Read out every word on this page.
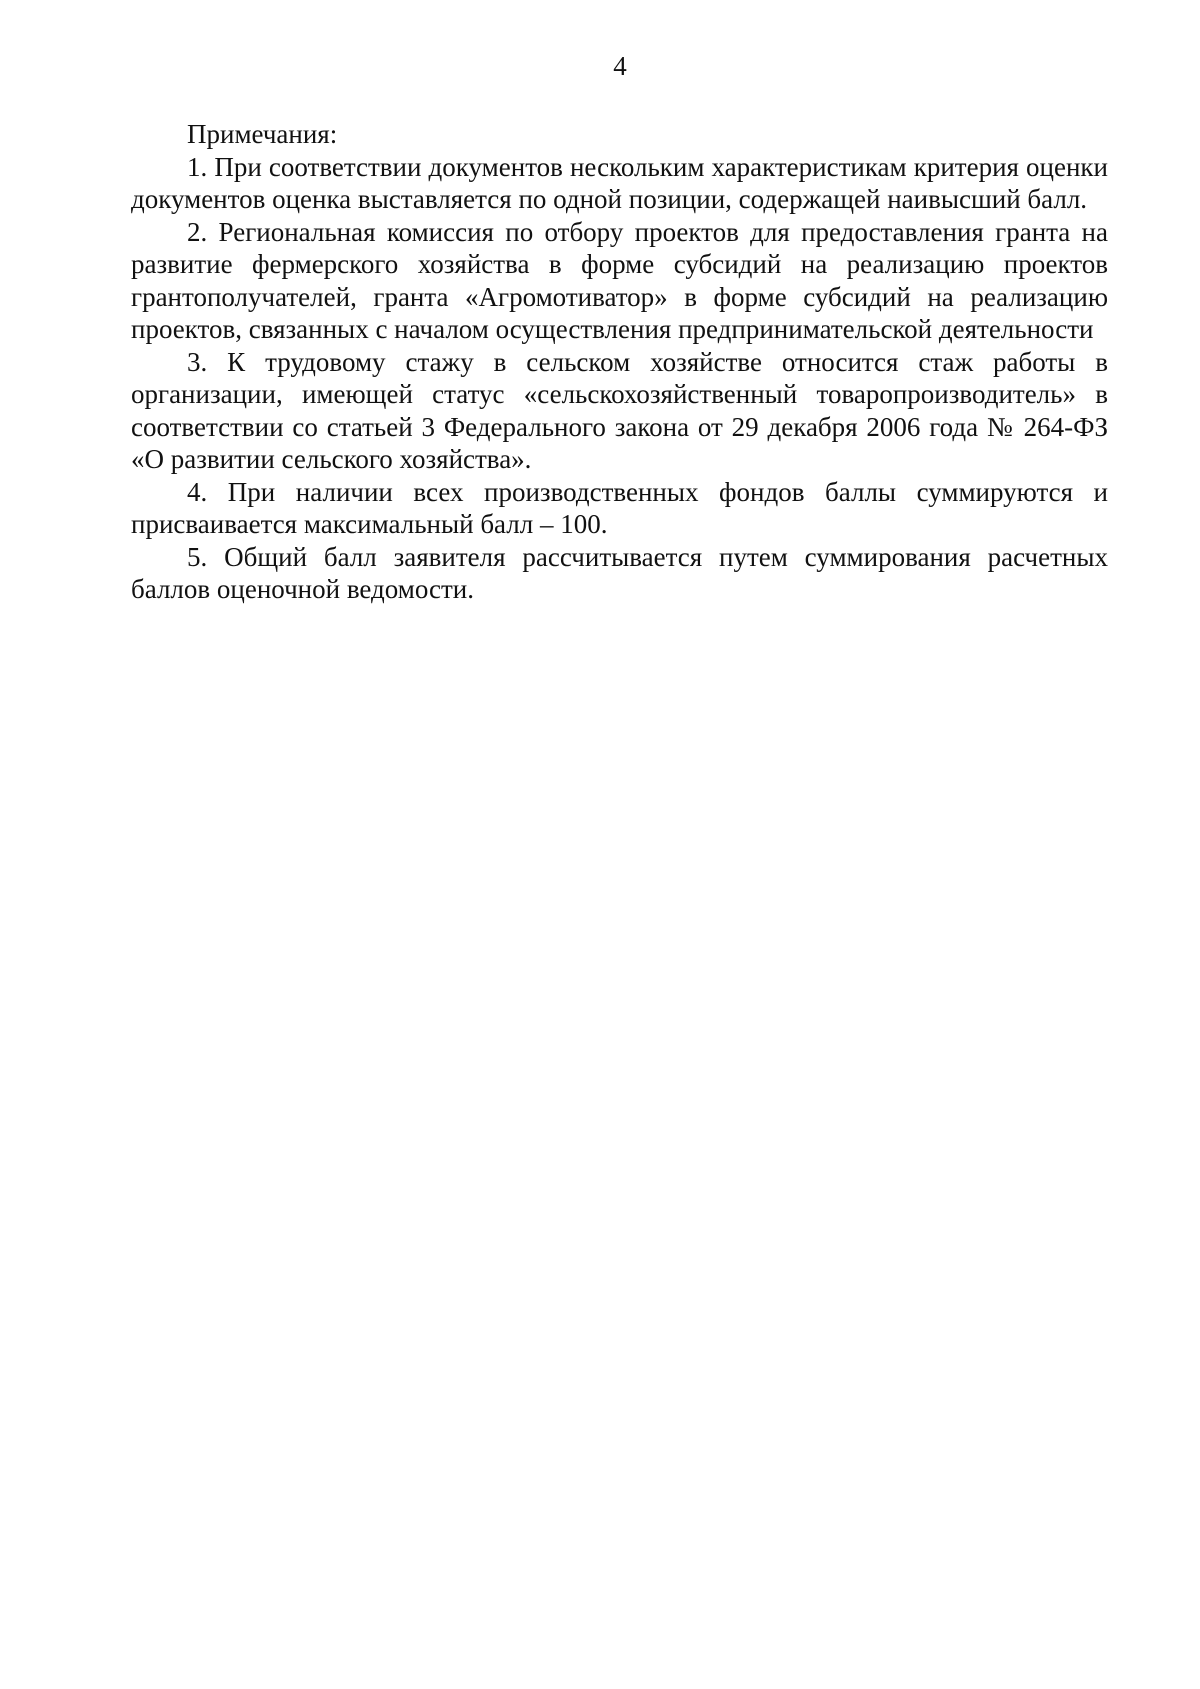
4

Примечания:

1. При соответствии документов нескольким характеристикам критерия оценки документов оценка выставляется по одной позиции, содержащей наивысший балл.

2. Региональная комиссия по отбору проектов для предоставления гранта на развитие фермерского хозяйства в форме субсидий на реализацию проектов грантополучателей, гранта «Агромотиватор» в форме субсидий на реализацию проектов, связанных с началом осуществления предпринимательской деятельности

3. К трудовому стажу в сельском хозяйстве относится стаж работы в организации, имеющей статус «сельскохозяйственный товаропроизводитель» в соответствии со статьей 3 Федерального закона от 29 декабря 2006 года № 264-ФЗ «О развитии сельского хозяйства».

4. При наличии всех производственных фондов баллы суммируются и присваивается максимальный балл – 100.

5. Общий балл заявителя рассчитывается путем суммирования расчетных баллов оценочной ведомости.
